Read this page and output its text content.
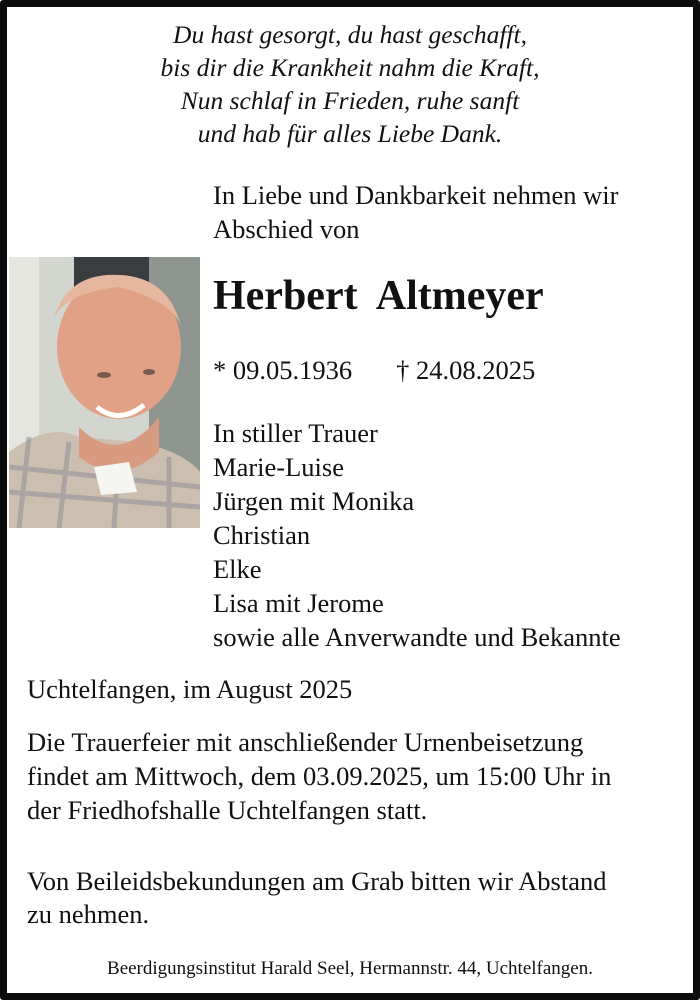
Du hast gesorgt, du hast geschafft,
bis dir die Krankheit nahm die Kraft,
Nun schlaf in Frieden, ruhe sanft
und hab für alles Liebe Dank.
In Liebe und Dankbarkeit nehmen wir
Abschied von
Herbert Altmeyer
* 09.05.1936 † 24.08.2025
In stiller Trauer
Marie-Luise
Jürgen mit Monika
Christian
Elke
Lisa mit Jerome
sowie alle Anverwandte und Bekannte
Uchtelfangen, im August 2025
Die Trauerfeier mit anschließender Urnenbeisetzung
findet am Mittwoch, dem 03.09.2025, um 15:00 Uhr in
der Friedhofshalle Uchtelfangen statt.
Von Beileidsbekundungen am Grab bitten wir Abstand
zu nehmen.
Beerdigungsinstitut Harald Seel, Hermannstr. 44, Uchtelfangen.
